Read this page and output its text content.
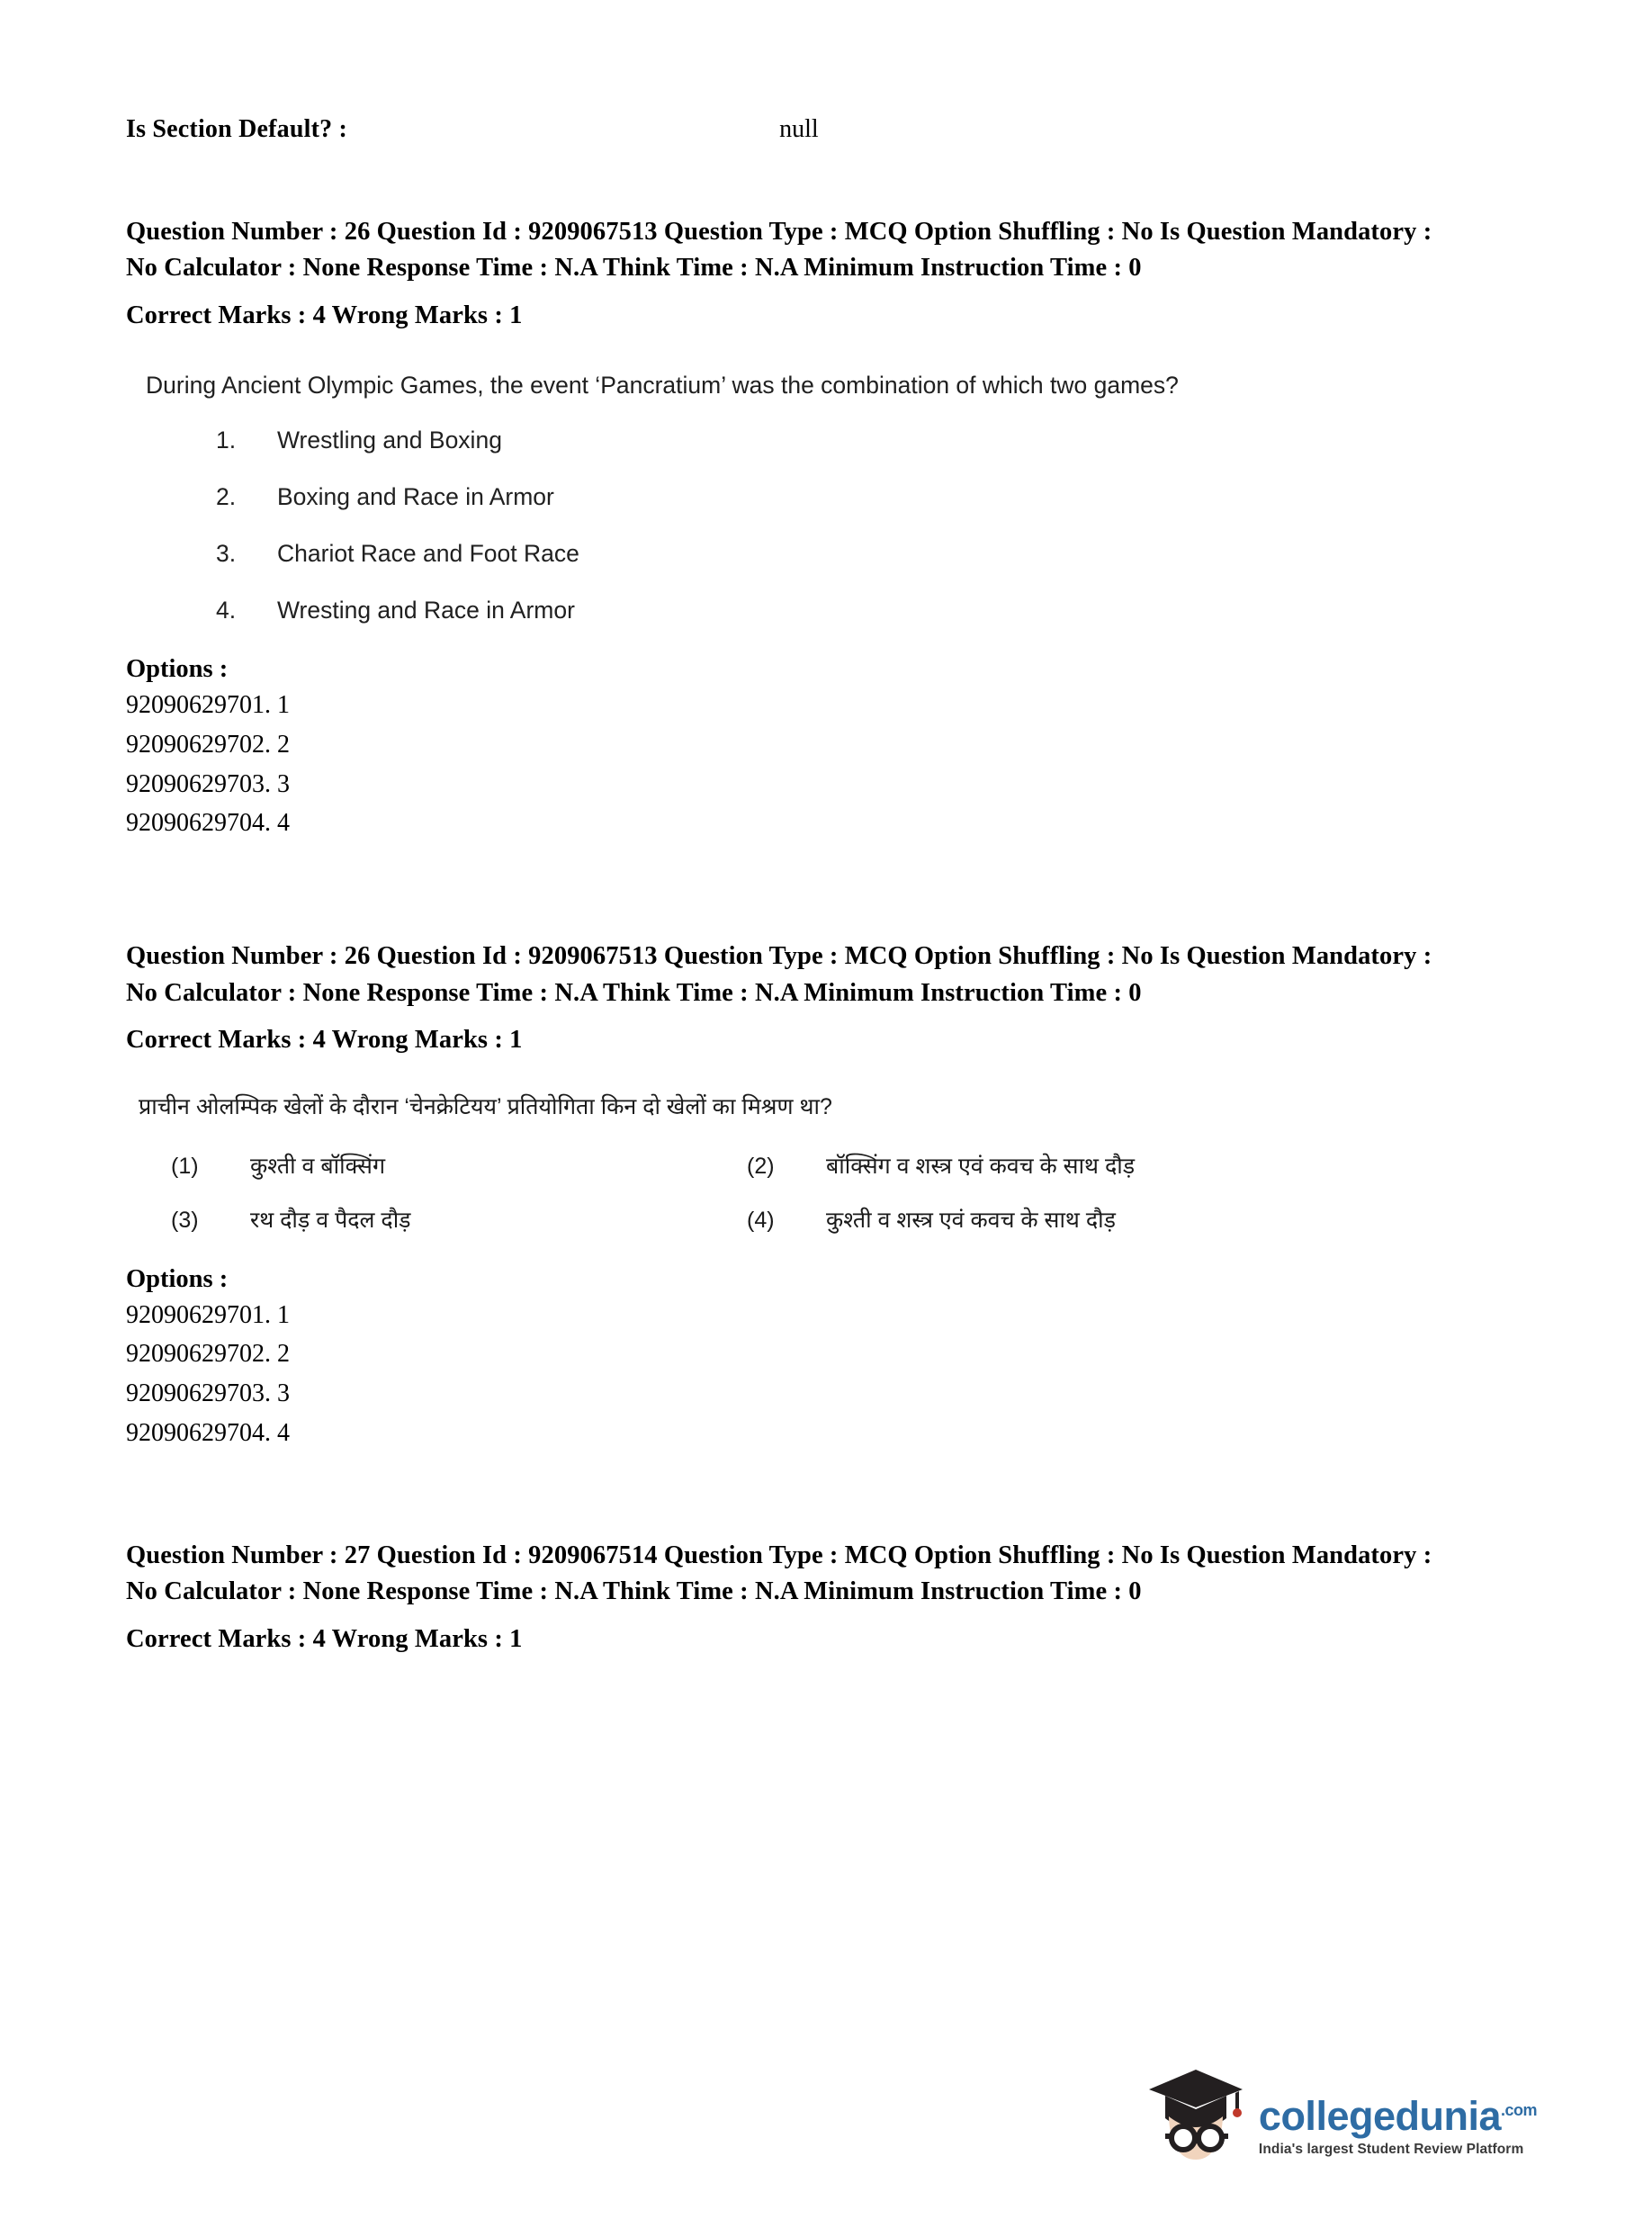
Is Section Default? :	null
Question Number : 26 Question Id : 9209067513 Question Type : MCQ Option Shuffling : No Is Question Mandatory : No Calculator : None Response Time : N.A Think Time : N.A Minimum Instruction Time : 0
Correct Marks : 4 Wrong Marks : 1
During Ancient Olympic Games, the event ‘Pancratium’ was the combination of which two games?
1.	Wrestling and Boxing
2.	Boxing and Race in Armor
3.	Chariot Race and Foot Race
4.	Wresting and Race in Armor
Options :
92090629701. 1
92090629702. 2
92090629703. 3
92090629704. 4
Question Number : 26 Question Id : 9209067513 Question Type : MCQ Option Shuffling : No Is Question Mandatory : No Calculator : None Response Time : N.A Think Time : N.A Minimum Instruction Time : 0
Correct Marks : 4 Wrong Marks : 1
प्राचीन ओलम्पिक खेलों के दौरान ‘चेनक्रेटियय’ प्रतियोगिता किन दो खेलों का मिश्रण था?
(1)	कुश्ती व बॉक्सिंग	(2)	बॉक्सिंग व शस्त्र एवं कवच के साथ दौड़
(3)	रथ दौड़ व पैदल दौड़	(4)	कुश्ती व शस्त्र एवं कवच के साथ दौड़
Options :
92090629701. 1
92090629702. 2
92090629703. 3
92090629704. 4
Question Number : 27 Question Id : 9209067514 Question Type : MCQ Option Shuffling : No Is Question Mandatory : No Calculator : None Response Time : N.A Think Time : N.A Minimum Instruction Time : 0
Correct Marks : 4 Wrong Marks : 1
collegedunia$^{.com}$
India's largest Student Review Platform
